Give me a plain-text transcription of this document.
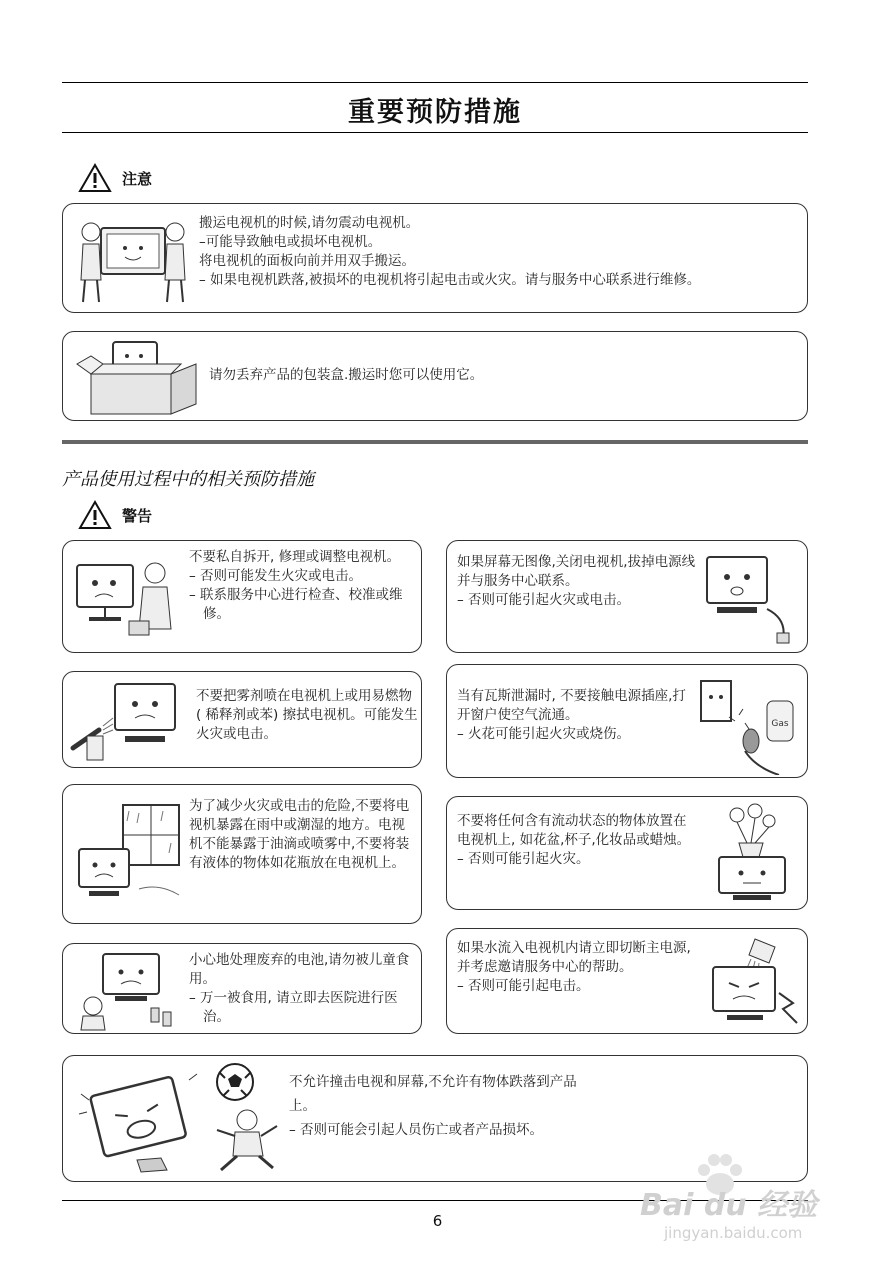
重要预防措施
注意

搬运电视机的时候,请勿震动电视机。

–可能导致触电或损坏电视机。

将电视机的面板向前并用双手搬运。

– 如果电视机跌落,被损坏的电视机将引起电击或火灾。请与服务中心联系进行维修。

请勿丢弃产品的包装盒.搬运时您可以使用它。

产品使用过程中的相关预防措施
警告

不要私自拆开, 修理或调整电视机。

– 否则可能发生火灾或电击。

– 联系服务中心进行检查、校准或维修。

如果屏幕无图像,关闭电视机,拔掉电源线并与服务中心联系。

– 否则可能引起火灾或电击。

不要把雾剂喷在电视机上或用易燃物 ( 稀释剂或苯) 擦拭电视机。可能发生火灾或电击。

当有瓦斯泄漏时, 不要接触电源插座,打开窗户使空气流通。

– 火花可能引起火灾或烧伤。

Gas

为了减少火灾或电击的危险,不要将电视机暴露在雨中或潮湿的地方。电视机不能暴露于油滴或喷雾中,不要将装有液体的物体如花瓶放在电视机上。

不要将任何含有流动状态的物体放置在电视机上, 如花盆,杯子,化妆品或蜡烛。

– 否则可能引起火灾。

小心地处理废弃的电池,请勿被儿童食用。

– 万一被食用, 请立即去医院进行医治。

如果水流入电视机内请立即切断主电源, 并考虑邀请服务中心的帮助。

– 否则可能引起电击。

不允许撞击电视和屏幕,不允许有物体跌落到产品上。

– 否则可能会引起人员伤亡或者产品损坏。

6	Bai du 经验
jingyan.baidu.com
